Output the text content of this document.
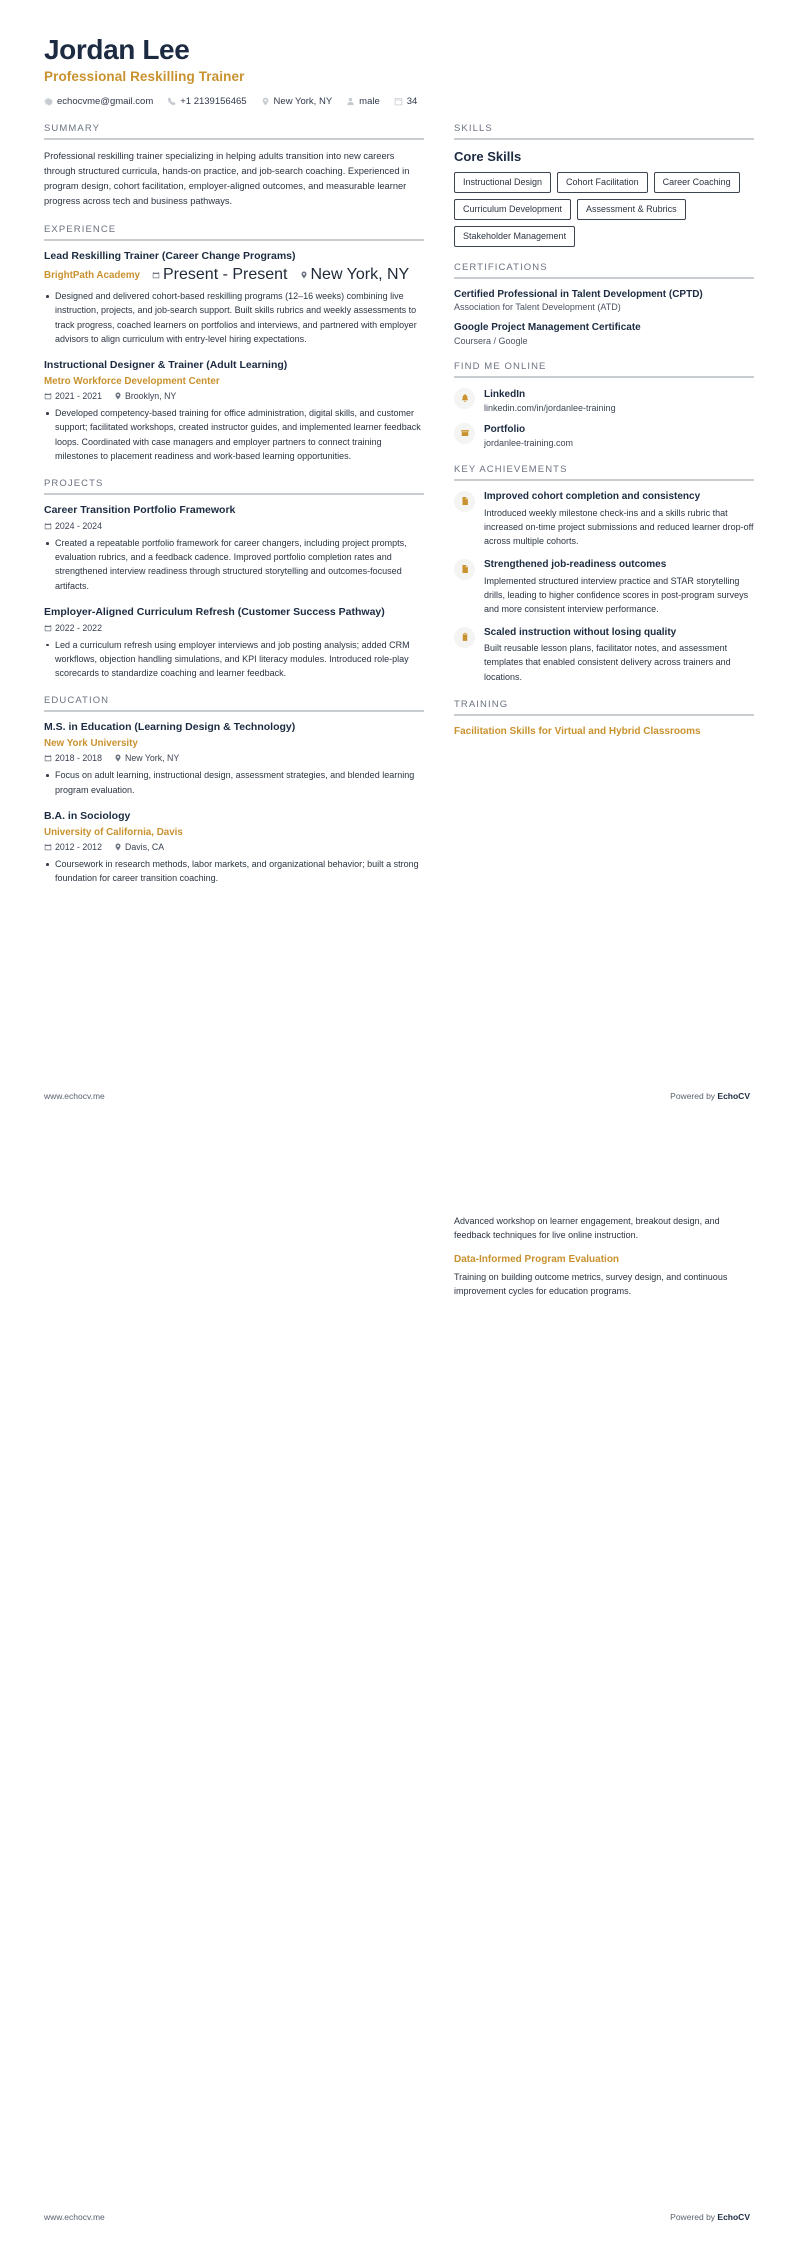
Jordan Lee
Professional Reskilling Trainer
echocvme@gmail.com	+1 2139156465	New York, NY	male	34
SUMMARY
Professional reskilling trainer specializing in helping adults transition into new careers through structured curricula, hands-on practice, and job-search coaching. Experienced in program design, cohort facilitation, employer-aligned outcomes, and measurable learner progress across tech and business pathways.
EXPERIENCE
Lead Reskilling Trainer (Career Change Programs)
BrightPath Academy Present - Present New York, NY
Designed and delivered cohort-based reskilling programs (12–16 weeks) combining live instruction, projects, and job-search support. Built skills rubrics and weekly assessments to track progress, coached learners on portfolios and interviews, and partnered with employer advisors to align curriculum with entry-level hiring expectations.
Instructional Designer & Trainer (Adult Learning)
Metro Workforce Development Center
2021 - 2021	Brooklyn, NY
Developed competency-based training for office administration, digital skills, and customer support; facilitated workshops, created instructor guides, and implemented learner feedback loops. Coordinated with case managers and employer partners to connect training milestones to placement readiness and work-based learning opportunities.
PROJECTS
Career Transition Portfolio Framework
2024 - 2024
Created a repeatable portfolio framework for career changers, including project prompts, evaluation rubrics, and a feedback cadence. Improved portfolio completion rates and strengthened interview readiness through structured storytelling and outcomes-focused artifacts.
Employer-Aligned Curriculum Refresh (Customer Success Pathway)
2022 - 2022
Led a curriculum refresh using employer interviews and job posting analysis; added CRM workflows, objection handling simulations, and KPI literacy modules. Introduced role-play scorecards to standardize coaching and learner feedback.
EDUCATION
M.S. in Education (Learning Design & Technology)
New York University
2018 - 2018	New York, NY
Focus on adult learning, instructional design, assessment strategies, and blended learning program evaluation.
B.A. in Sociology
University of California, Davis
2012 - 2012	Davis, CA
Coursework in research methods, labor markets, and organizational behavior; built a strong foundation for career transition coaching.
SKILLS
Core Skills
Instructional Design	Cohort Facilitation	Career Coaching
Curriculum Development	Assessment & Rubrics
Stakeholder Management
CERTIFICATIONS
Certified Professional in Talent Development (CPTD)
Association for Talent Development (ATD)
Google Project Management Certificate
Coursera / Google
FIND ME ONLINE
LinkedIn
linkedin.com/in/jordanlee-training
Portfolio
jordanlee-training.com
KEY ACHIEVEMENTS
Improved cohort completion and consistency
Introduced weekly milestone check-ins and a skills rubric that increased on-time project submissions and reduced learner drop-off across multiple cohorts.
Strengthened job-readiness outcomes
Implemented structured interview practice and STAR storytelling drills, leading to higher confidence scores in post-program surveys and more consistent interview performance.
Scaled instruction without losing quality
Built reusable lesson plans, facilitator notes, and assessment templates that enabled consistent delivery across trainers and locations.
TRAINING
Facilitation Skills for Virtual and Hybrid Classrooms
www.echocv.me	Powered by EchoCV
Advanced workshop on learner engagement, breakout design, and feedback techniques for live online instruction.
Data-Informed Program Evaluation
Training on building outcome metrics, survey design, and continuous improvement cycles for education programs.
www.echocv.me	Powered by EchoCV
